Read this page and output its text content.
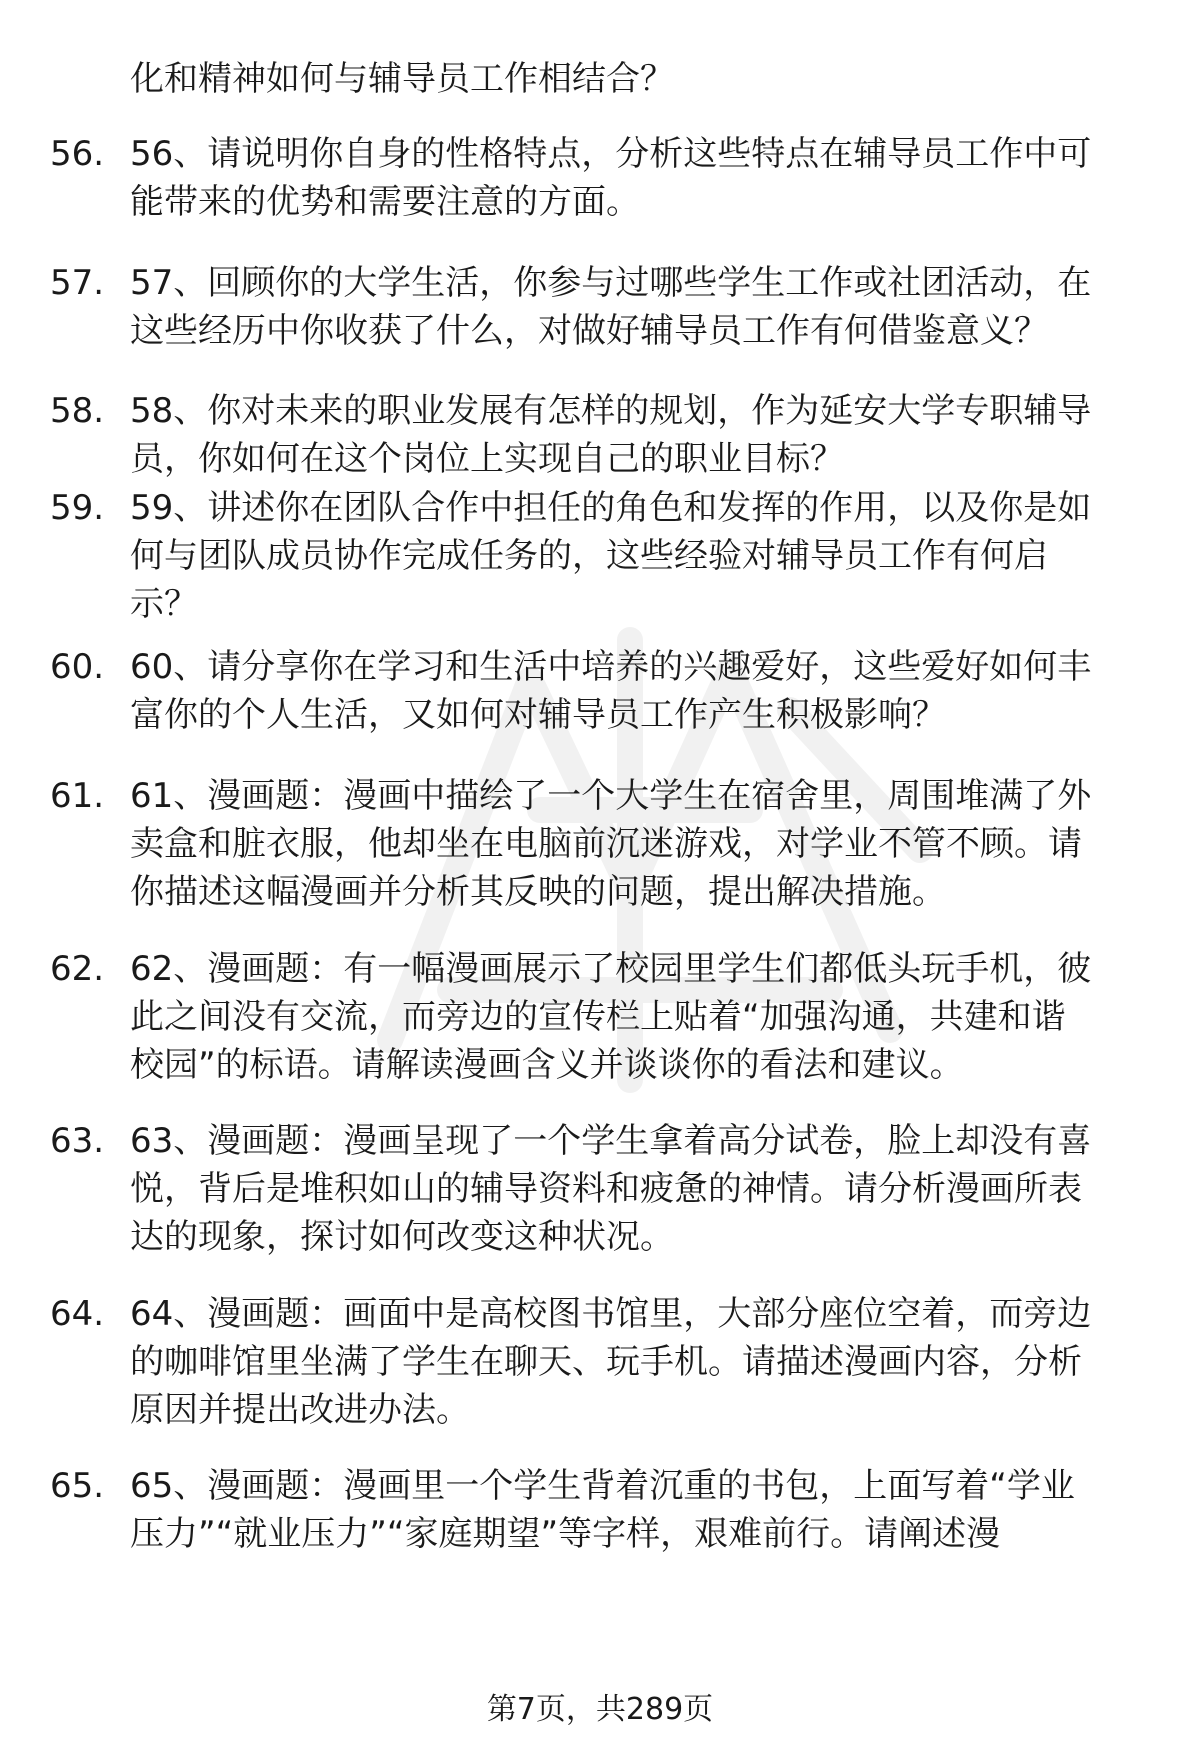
化和精神如何与辅导员工作相结合？
56. 56、请说明你自身的性格特点，分析这些特点在辅导员工作中可
能带来的优势和需要注意的方面。
57. 57、回顾你的大学生活，你参与过哪些学生工作或社团活动，在
这些经历中你收获了什么，对做好辅导员工作有何借鉴意义？
58. 58、你对未来的职业发展有怎样的规划，作为延安大学专职辅导
员，你如何在这个岗位上实现自己的职业目标？
59. 59、讲述你在团队合作中担任的角色和发挥的作用，以及你是如
何与团队成员协作完成任务的，这些经验对辅导员工作有何启
示？
60. 60、请分享你在学习和生活中培养的兴趣爱好，这些爱好如何丰
富你的个人生活，又如何对辅导员工作产生积极影响？
61. 61、漫画题：漫画中描绘了一个大学生在宿舍里，周围堆满了外
卖盒和脏衣服，他却坐在电脑前沉迷游戏，对学业不管不顾。请
你描述这幅漫画并分析其反映的问题，提出解决措施。
62. 62、漫画题：有一幅漫画展示了校园里学生们都低头玩手机，彼
此之间没有交流，而旁边的宣传栏上贴着“加强沟通，共建和谐
校园”的标语。请解读漫画含义并谈谈你的看法和建议。
63. 63、漫画题：漫画呈现了一个学生拿着高分试卷，脸上却没有喜
悦，背后是堆积如山的辅导资料和疲惫的神情。请分析漫画所表
达的现象，探讨如何改变这种状况。
64. 64、漫画题：画面中是高校图书馆里，大部分座位空着，而旁边
的咖啡馆里坐满了学生在聊天、玩手机。请描述漫画内容，分析
原因并提出改进办法。
65. 65、漫画题：漫画里一个学生背着沉重的书包，上面写着“学业
压力”“就业压力”“家庭期望”等字样，艰难前行。请阐述漫
第7页，共289页
